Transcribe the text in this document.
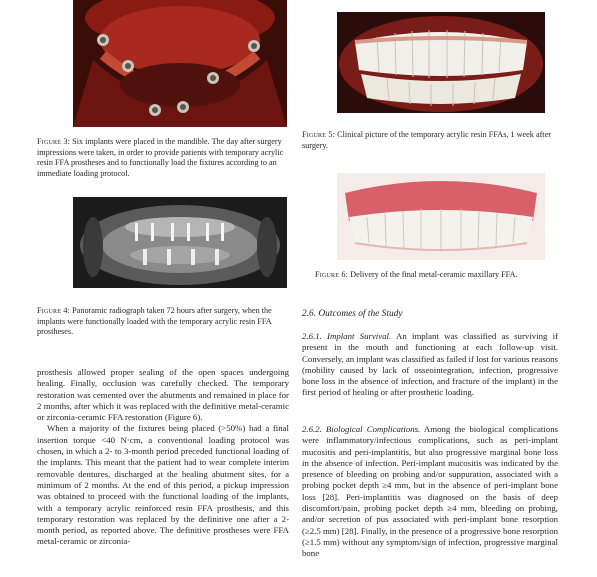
Figure 3: Six implants were placed in the mandible. The day after surgery impressions were taken, in order to provide patients with temporary acrylic resin FFA prostheses and to functionally load the fixtures according to an immediate loading protocol.
Figure 4: Panoramic radiograph taken 72 hours after surgery, when the implants were functionally loaded with the temporary acrylic resin FFA prostheses.
Figure 5: Clinical picture of the temporary acrylic resin FFAs, 1 week after surgery.
Figure 6: Delivery of the final metal-ceramic maxillary FFA.

prosthesis allowed proper sealing of the open spaces undergoing healing. Finally, occlusion was carefully checked. The temporary restoration was cemented over the abutments and remained in place for 2 months, after which it was replaced with the definitive metal-ceramic or zirconia-ceramic FFA restoration (Figure 6).

When a majority of the fixtures being placed (>50%) had a final insertion torque <40 N·cm, a conventional loading protocol was chosen, in which a 2- to 3-month period preceded functional loading of the implants. This meant that the patient had to wear complete interim removable dentures, discharged at the healing abutment sites, for a minimum of 2 months. At the end of this period, a pickup impression was obtained to proceed with the functional loading of the implants, with a temporary acrylic reinforced resin FFA prosthesis, and this temporary restoration was replaced by the definitive one after a 2-month period, as reported above. The definitive prostheses were FFA metal-ceramic or zirconia-

2.6. Outcomes of the Study

2.6.1. Implant Survival. An implant was classified as surviving if present in the mouth and functioning at each follow-up visit. Conversely, an implant was classified as failed if lost for various reasons (mobility caused by lack of osseointegration, infection, progressive bone loss in the absence of infection, and fracture of the implant) in the first period of healing or after prosthetic loading.

2.6.2. Biological Complications. Among the biological complications were inflammatory/infectious complications, such as peri-implant mucositis and peri-implantitis, but also progressive marginal bone loss in the absence of infection. Peri-implant mucositis was indicated by the presence of bleeding on probing and/or suppuration, associated with a probing pocket depth ≥4 mm, but in the absence of peri-implant bone loss [28]. Peri-implantitis was diagnosed on the basis of deep discomfort/pain, probing pocket depth ≥4 mm, bleeding on probing, and/or secretion of pus associated with peri-implant bone resorption (≥2.5 mm) [28]. Finally, in the presence of a progressive bone resorption (≥1.5 mm) without any symptom/sign of infection, progressive marginal bone
